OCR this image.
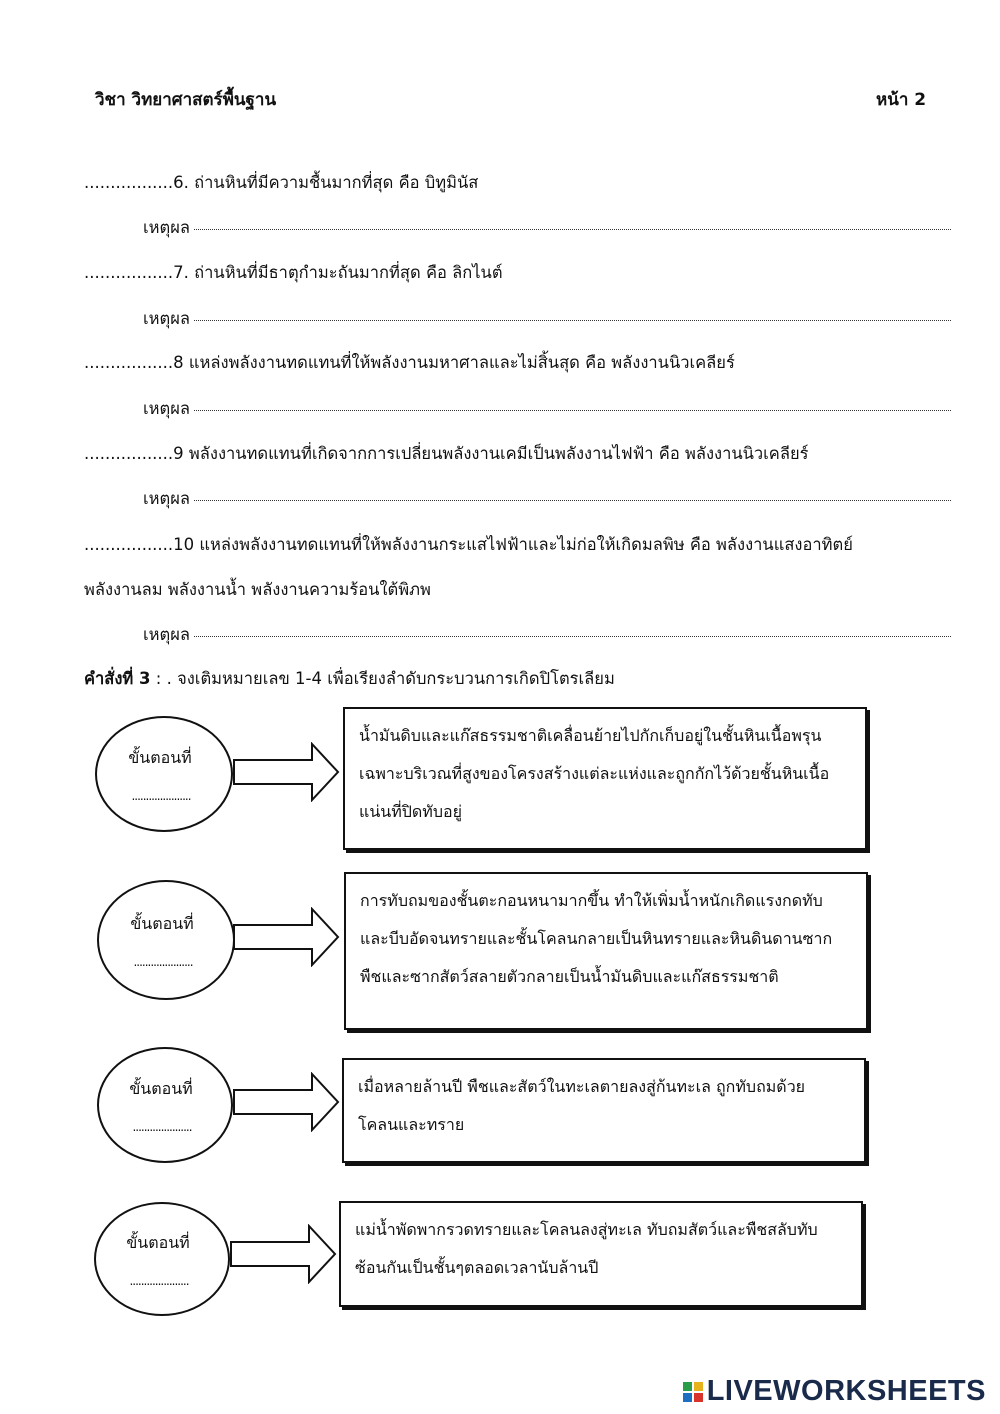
วิชา วิทยาศาสตร์พื้นฐาน	หน้า 2
.................6. ถ่านหินที่มีความชื้นมากที่สุด คือ บิทูมินัส
เหตุผล
.................7. ถ่านหินที่มีธาตุกำมะถันมากที่สุด คือ ลิกไนต์
เหตุผล
.................8 แหล่งพลังงานทดแทนที่ให้พลังงานมหาศาลและไม่สิ้นสุด คือ พลังงานนิวเคลียร์
เหตุผล
.................9 พลังงานทดแทนที่เกิดจากการเปลี่ยนพลังงานเคมีเป็นพลังงานไฟฟ้า คือ พลังงานนิวเคลียร์
เหตุผล
.................10 แหล่งพลังงานทดแทนที่ให้พลังงานกระแสไฟฟ้าและไม่ก่อให้เกิดมลพิษ คือ พลังงานแสงอาทิตย์
พลังงานลม พลังงานน้ำ พลังงานความร้อนใต้พิภพ
เหตุผล
คำสั่งที่ 3 : . จงเติมหมายเลข 1-4 เพื่อเรียงลำดับกระบวนการเกิดปิโตรเลียม
ขั้นตอนที่
.....................
น้ำมันดิบและแก๊สธรรมชาติเคลื่อนย้ายไปกักเก็บอยู่ในชั้นหินเนื้อพรุน
เฉพาะบริเวณที่สูงของโครงสร้างแต่ละแห่งและถูกกักไว้ด้วยชั้นหินเนื้อ
แน่นที่ปิดทับอยู่
ขั้นตอนที่
.....................
การทับถมของชั้นตะกอนหนามากขึ้น ทำให้เพิ่มน้ำหนักเกิดแรงกดทับ
และบีบอัดจนทรายและชั้นโคลนกลายเป็นหินทรายและหินดินดานซาก
พืชและซากสัตว์สลายตัวกลายเป็นน้ำมันดิบและแก๊สธรรมชาติ
ขั้นตอนที่
.....................
เมื่อหลายล้านปี พืชและสัตว์ในทะเลตายลงสู่ก้นทะเล ถูกทับถมด้วย
โคลนและทราย
ขั้นตอนที่
.....................
แม่น้ำพัดพากรวดทรายและโคลนลงสู่ทะเล ทับถมสัตว์และพืชสลับทับ
ซ้อนกันเป็นชั้นๆตลอดเวลานับล้านปี
LIVEWORKSHEETS
